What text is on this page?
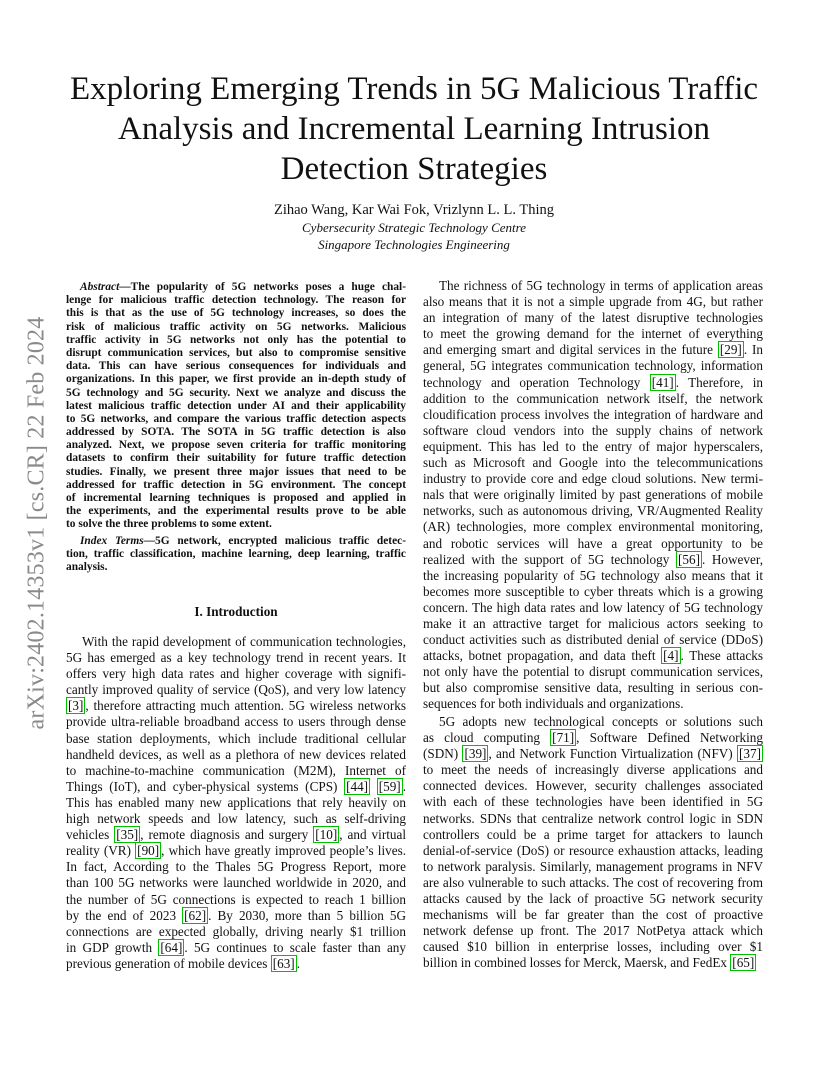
arXiv:2402.14353v1 [cs.CR] 22 Feb 2024
Exploring Emerging Trends in 5G Malicious Traffic
Analysis and Incremental Learning Intrusion
Detection Strategies
Zihao Wang, Kar Wai Fok, Vrizlynn L. L. Thing
Cybersecurity Strategic Technology Centre
Singapore Technologies Engineering
Abstract—The popularity of 5G networks poses a huge chal-
lenge for malicious traffic detection technology. The reason for
this is that as the use of 5G technology increases, so does the
risk of malicious traffic activity on 5G networks. Malicious
traffic activity in 5G networks not only has the potential to
disrupt communication services, but also to compromise sensitive
data. This can have serious consequences for individuals and
organizations. In this paper, we first provide an in-depth study of
5G technology and 5G security. Next we analyze and discuss the
latest malicious traffic detection under AI and their applicability
to 5G networks, and compare the various traffic detection aspects
addressed by SOTA. The SOTA in 5G traffic detection is also
analyzed. Next, we propose seven criteria for traffic monitoring
datasets to confirm their suitability for future traffic detection
studies. Finally, we present three major issues that need to be
addressed for traffic detection in 5G environment. The concept
of incremental learning techniques is proposed and applied in
the experiments, and the experimental results prove to be able
to solve the three problems to some extent.
Index Terms—5G network, encrypted malicious traffic detec-
tion, traffic classification, machine learning, deep learning, traffic
analysis.
I. Introduction
With the rapid development of communication technologies,
5G has emerged as a key technology trend in recent years. It
offers very high data rates and higher coverage with signifi-
cantly improved quality of service (QoS), and very low latency
[3] , therefore attracting much attention. 5G wireless networks
provide ultra-reliable broadband access to users through dense
base station deployments, which include traditional cellular
handheld devices, as well as a plethora of new devices related
to machine-to-machine communication (M2M), Internet of
Things (IoT), and cyber-physical systems (CPS) [44] [59] .
This has enabled many new applications that rely heavily on
high network speeds and low latency, such as self-driving
vehicles [35] , remote diagnosis and surgery [10] , and virtual
reality (VR) [90] , which have greatly improved people’s lives.
In fact, According to the Thales 5G Progress Report, more
than 100 5G networks were launched worldwide in 2020, and
the number of 5G connections is expected to reach 1 billion
by the end of 2023 [62] . By 2030, more than 5 billion 5G
connections are expected globally, driving nearly $1 trillion
in GDP growth [64] . 5G continues to scale faster than any
previous generation of mobile devices [63] .
The richness of 5G technology in terms of application areas
also means that it is not a simple upgrade from 4G, but rather
an integration of many of the latest disruptive technologies
to meet the growing demand for the internet of everything
and emerging smart and digital services in the future [29] . In
general, 5G integrates communication technology, information
technology and operation Technology [41] . Therefore, in
addition to the communication network itself, the network
cloudification process involves the integration of hardware and
software cloud vendors into the supply chains of network
equipment. This has led to the entry of major hyperscalers,
such as Microsoft and Google into the telecommunications
industry to provide core and edge cloud solutions. New termi-
nals that were originally limited by past generations of mobile
networks, such as autonomous driving, VR/Augmented Reality
(AR) technologies, more complex environmental monitoring,
and robotic services will have a great opportunity to be
realized with the support of 5G technology [56] . However,
the increasing popularity of 5G technology also means that it
becomes more susceptible to cyber threats which is a growing
concern. The high data rates and low latency of 5G technology
make it an attractive target for malicious actors seeking to
conduct activities such as distributed denial of service (DDoS)
attacks, botnet propagation, and data theft [4] . These attacks
not only have the potential to disrupt communication services,
but also compromise sensitive data, resulting in serious con-
sequences for both individuals and organizations.
5G adopts new technological concepts or solutions such
as cloud computing [71] , Software Defined Networking
(SDN) [39] , and Network Function Virtualization (NFV) [37]
to meet the needs of increasingly diverse applications and
connected devices. However, security challenges associated
with each of these technologies have been identified in 5G
networks. SDNs that centralize network control logic in SDN
controllers could be a prime target for attackers to launch
denial-of-service (DoS) or resource exhaustion attacks, leading
to network paralysis. Similarly, management programs in NFV
are also vulnerable to such attacks. The cost of recovering from
attacks caused by the lack of proactive 5G network security
mechanisms will be far greater than the cost of proactive
network defense up front. The 2017 NotPetya attack which
caused $10 billion in enterprise losses, including over $1
billion in combined losses for Merck, Maersk, and FedEx [65]
